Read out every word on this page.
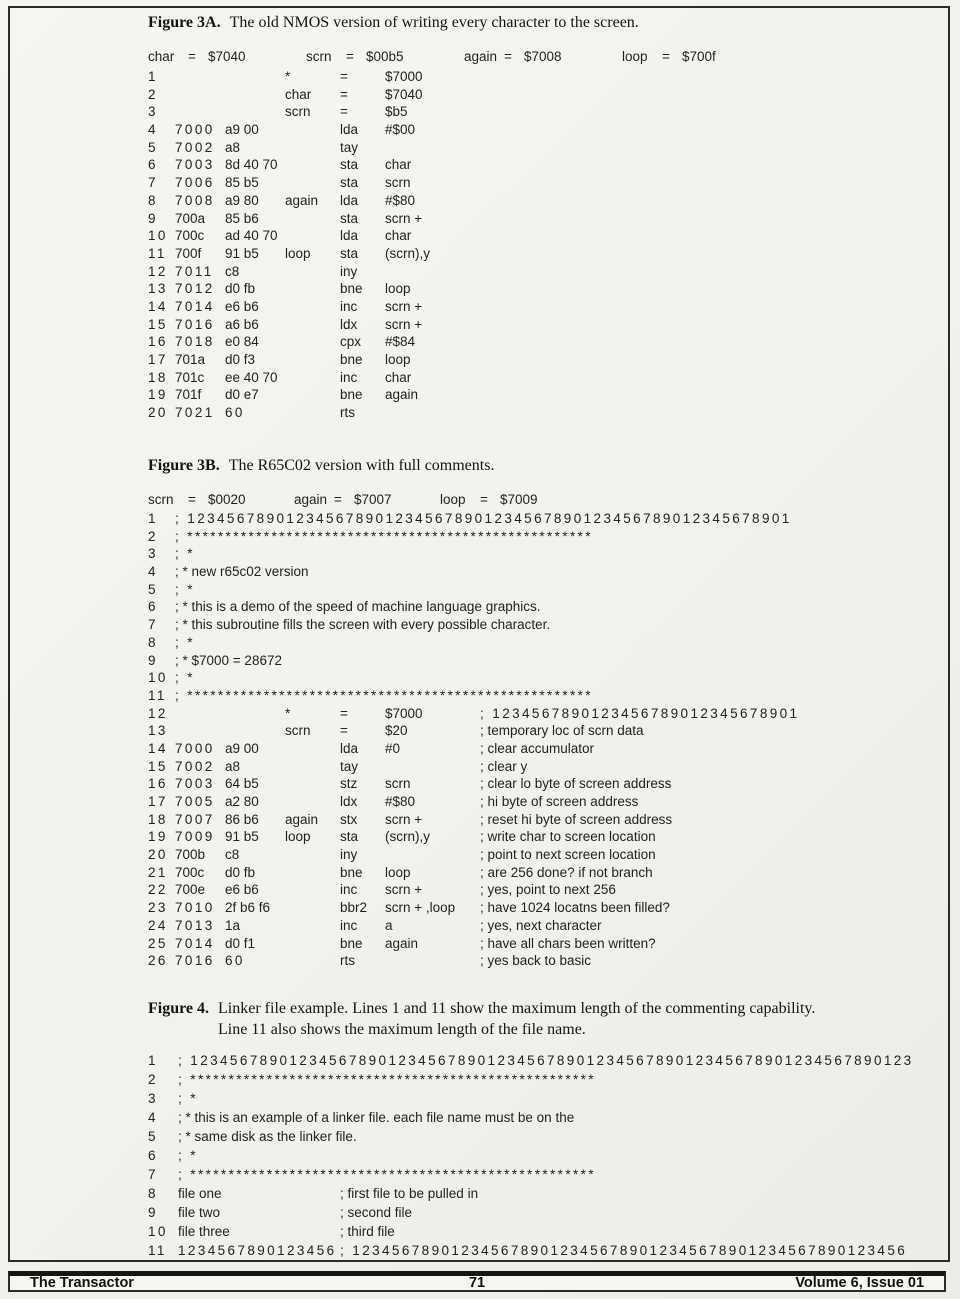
Figure 3A. The old NMOS version of writing every character to the screen.

char	= $7040	scrn	= $00b5	again = $7008	loop	= $700f
1	*	=	$7000
2	char	=	$7040
3	scrn	=	$b5
4	7000 a9 00	lda	#$00
5	7002 a8	tay
6	7003 8d 40 70	sta	char
7	7006 85 b5	sta	scrn
8	7008 a9 80	again	lda	#$80
9	700a	85 b6	sta	scrn +
10 700c	ad 40 70	lda	char
11 700f	91 b5	loop	sta	(scrn),y
12 7011 c8	iny
13 7012 d0 fb	bne	loop
14 7014 e6 b6	inc	scrn +
15 7016 a6 b6	ldx	scrn +
16 7018 e0 84	cpx	#$84
17 701a	d0 f3	bne	loop
18 701c	ee 40 70	inc	char
19 701f	d0 e7	bne	again
20 7021 60	rts

Figure 3B. The R65C02 version with full comments.

scrn	= $0020	again = $7007	loop	= $7009
1	; 1234567890123456789012345678901234567890123456789012345678901
2	; *****************************************************
3	; *
4	; * new r65c02 version
5	; *
6	; * this is a demo of the speed of machine language graphics.
7	; * this subroutine fills the screen with every possible character.
8	; *
9	; * $7000 = 28672
10 ; *
11 ; *****************************************************
12	*	=	$7000	; 1234567890123456789012345678901
13	scrn	=	$20	; temporary loc of scrn data
14 7000 a9 00	lda	#0	; clear accumulator
15 7002 a8	tay	; clear y
16 7003 64 b5	stz	scrn	; clear lo byte of screen address
17 7005 a2 80	ldx	#$80	; hi byte of screen address
18 7007 86 b6	again	stx	scrn +	; reset hi byte of screen address
19 7009 91 b5	loop	sta	(scrn),y	; write char to screen location
20 700b	c8	iny	; point to next screen location
21 700c	d0 fb	bne	loop	; are 256 done? if not branch
22 700e	e6 b6	inc	scrn +	; yes, point to next 256
23 7010 2f b6 f6	bbr2	scrn + ,loop	; have 1024 locatns been filled?
24 7013 1a	inc	a	; yes, next character
25 7014 d0 f1	bne	again	; have all chars been written?
26 7016 60	rts	; yes back to basic

Figure 4. Linker file example. Lines 1 and 11 show the maximum length of the commenting capability.
Line 11 also shows the maximum length of the file name.

1	; 1234567890123456789012345678901234567890123456789012345678901234567890123
2	; *****************************************************
3	; *
4	; * this is an example of a linker file. each file name must be on the
5	; * same disk as the linker file.
6	; *
7	; *****************************************************
8	file one	; first file to be pulled in
9	file two	; second file
10 file three	; third file
11 1234567890123456 ; 12345678901234567890123456789012345678901234567890123456
The Transactor	71	Volume 6, Issue 01
